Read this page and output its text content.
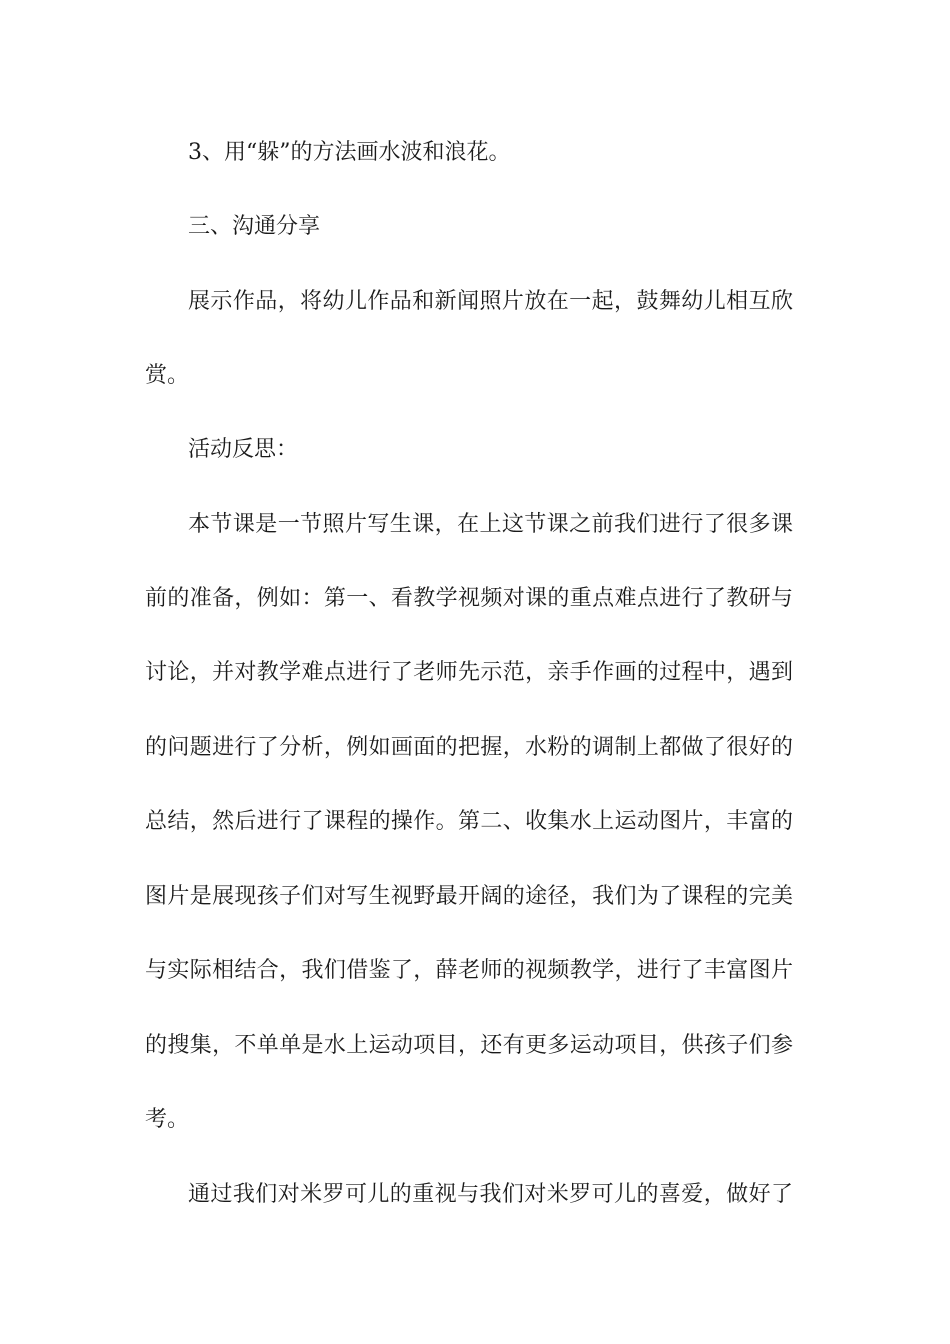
3、用“躲”的方法画水波和浪花。
三、沟通分享
展示作品，将幼儿作品和新闻照片放在一起，鼓舞幼儿相互欣
赏。
活动反思：
本节课是一节照片写生课，在上这节课之前我们进行了很多课
前的准备，例如：第一、看教学视频对课的重点难点进行了教研与
讨论，并对教学难点进行了老师先示范，亲手作画的过程中，遇到
的问题进行了分析，例如画面的把握，水粉的调制上都做了很好的
总结，然后进行了课程的操作。第二、收集水上运动图片，丰富的
图片是展现孩子们对写生视野最开阔的途径，我们为了课程的完美
与实际相结合，我们借鉴了，薛老师的视频教学，进行了丰富图片
的搜集，不单单是水上运动项目，还有更多运动项目，供孩子们参
考。
通过我们对米罗可儿的重视与我们对米罗可儿的喜爱，做好了
